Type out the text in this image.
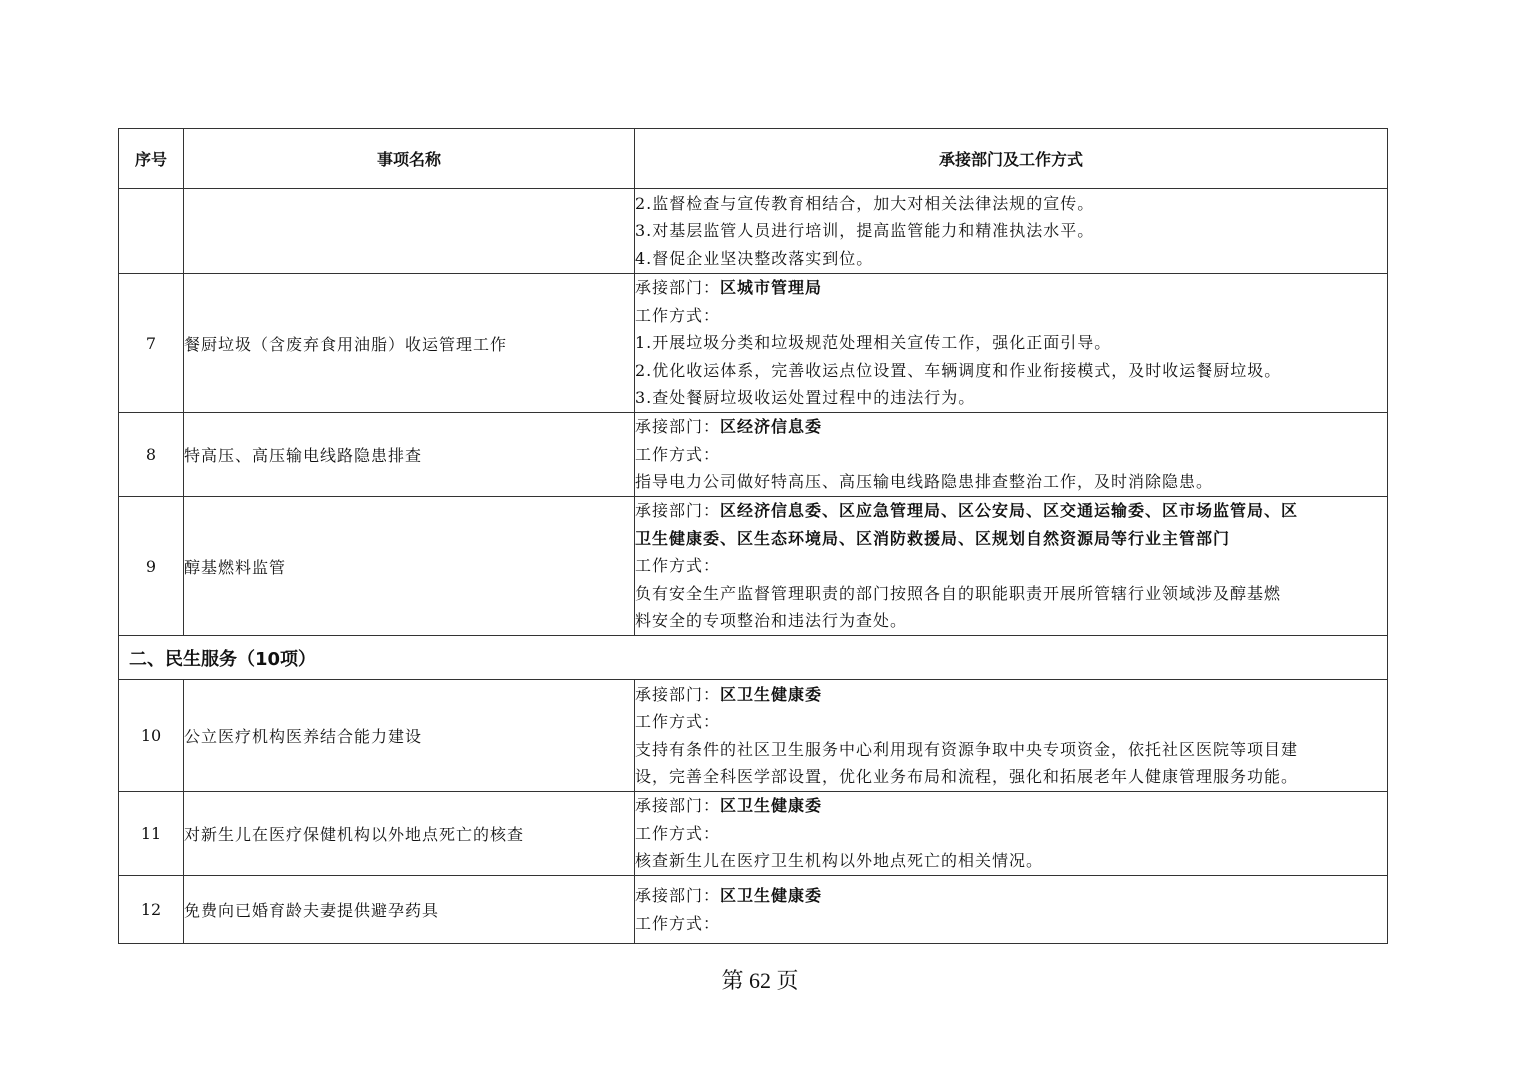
序号	事项名称	承接部门及工作方式

		2.监督检查与宣传教育相结合，加大对相关法律法规的宣传。
3.对基层监管人员进行培训，提高监管能力和精准执法水平。
4.督促企业坚决整改落实到位。

7	餐厨垃圾（含废弃食用油脂）收运管理工作	承接部门：区城市管理局
工作方式：
1.开展垃圾分类和垃圾规范处理相关宣传工作，强化正面引导。
2.优化收运体系，完善收运点位设置、车辆调度和作业衔接模式，及时收运餐厨垃圾。
3.查处餐厨垃圾收运处置过程中的违法行为。

8	特高压、高压输电线路隐患排查	承接部门：区经济信息委
工作方式：
指导电力公司做好特高压、高压输电线路隐患排查整治工作，及时消除隐患。

9	醇基燃料监管	承接部门：区经济信息委、区应急管理局、区公安局、区交通运输委、区市场监管局、区
卫生健康委、区生态环境局、区消防救援局、区规划自然资源局等行业主管部门
工作方式：
负有安全生产监督管理职责的部门按照各自的职能职责开展所管辖行业领域涉及醇基燃
料安全的专项整治和违法行为查处。

二、民生服务（10项）		
10	公立医疗机构医养结合能力建设	承接部门：区卫生健康委
工作方式：
支持有条件的社区卫生服务中心利用现有资源争取中央专项资金，依托社区医院等项目建
设，完善全科医学部设置，优化业务布局和流程，强化和拓展老年人健康管理服务功能。

11	对新生儿在医疗保健机构以外地点死亡的核查	承接部门：区卫生健康委
工作方式：
核查新生儿在医疗卫生机构以外地点死亡的相关情况。

12	免费向已婚育龄夫妻提供避孕药具	承接部门：区卫生健康委
工作方式：
第 62 页
